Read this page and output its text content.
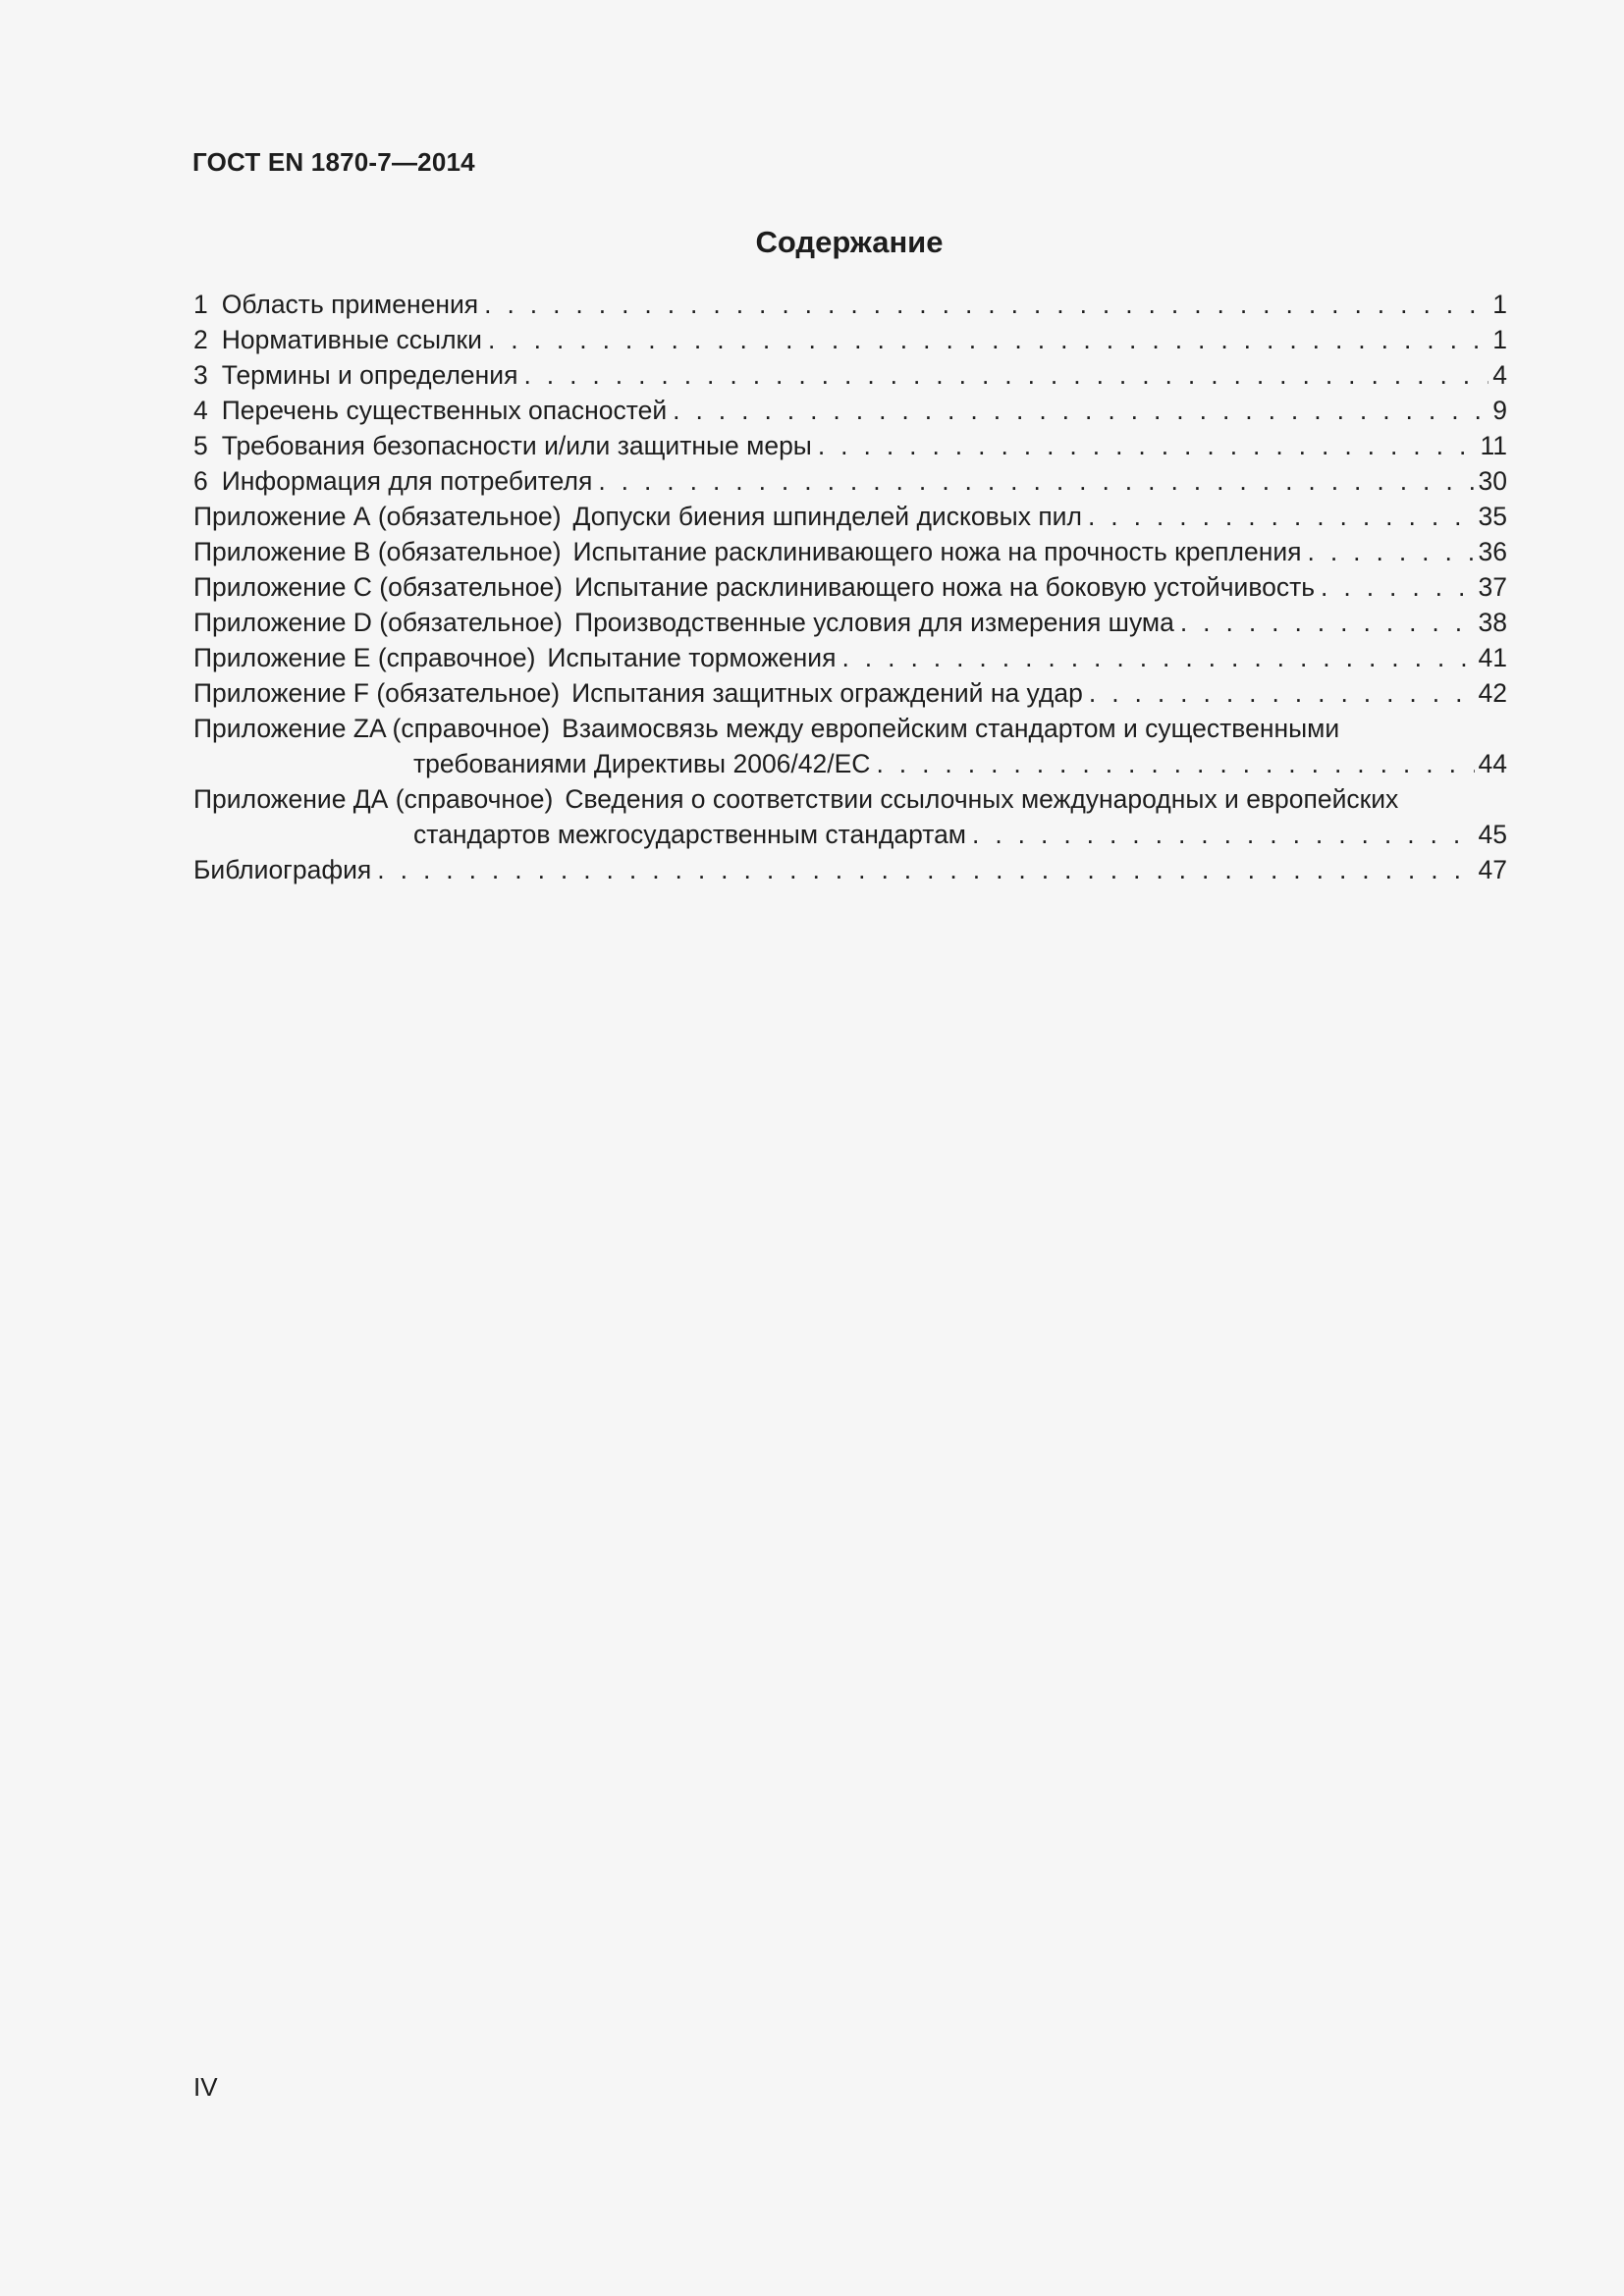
ГОСТ EN 1870-7—2014
Содержание
1 Область применения . . .	1
2 Нормативные ссылки . . .	1
3 Термины и определения . . .	4
4 Перечень существенных опасностей . . .	9
5 Требования безопасности и/или защитные меры . . .	11
6 Информация для потребителя . . .	30
Приложение А (обязательное) Допуски биения шпинделей дисковых пил . . .	35
Приложение В (обязательное) Испытание расклинивающего ножа на прочность крепления . . .	36
Приложение С (обязательное) Испытание расклинивающего ножа на боковую устойчивость . . .	37
Приложение D (обязательное) Производственные условия для измерения шума . . .	38
Приложение Е (справочное) Испытание торможения . . .	41
Приложение F (обязательное) Испытания защитных ограждений на удар . . .	42
Приложение ZA (справочное) Взаимосвязь между европейским стандартом и существенными
требованиями Директивы 2006/42/ЕС . . .	44
Приложение ДА (справочное) Сведения о соответствии ссылочных международных и европейских
стандартов межгосударственным стандартам . . .	45
Библиография . . .	47
IV
